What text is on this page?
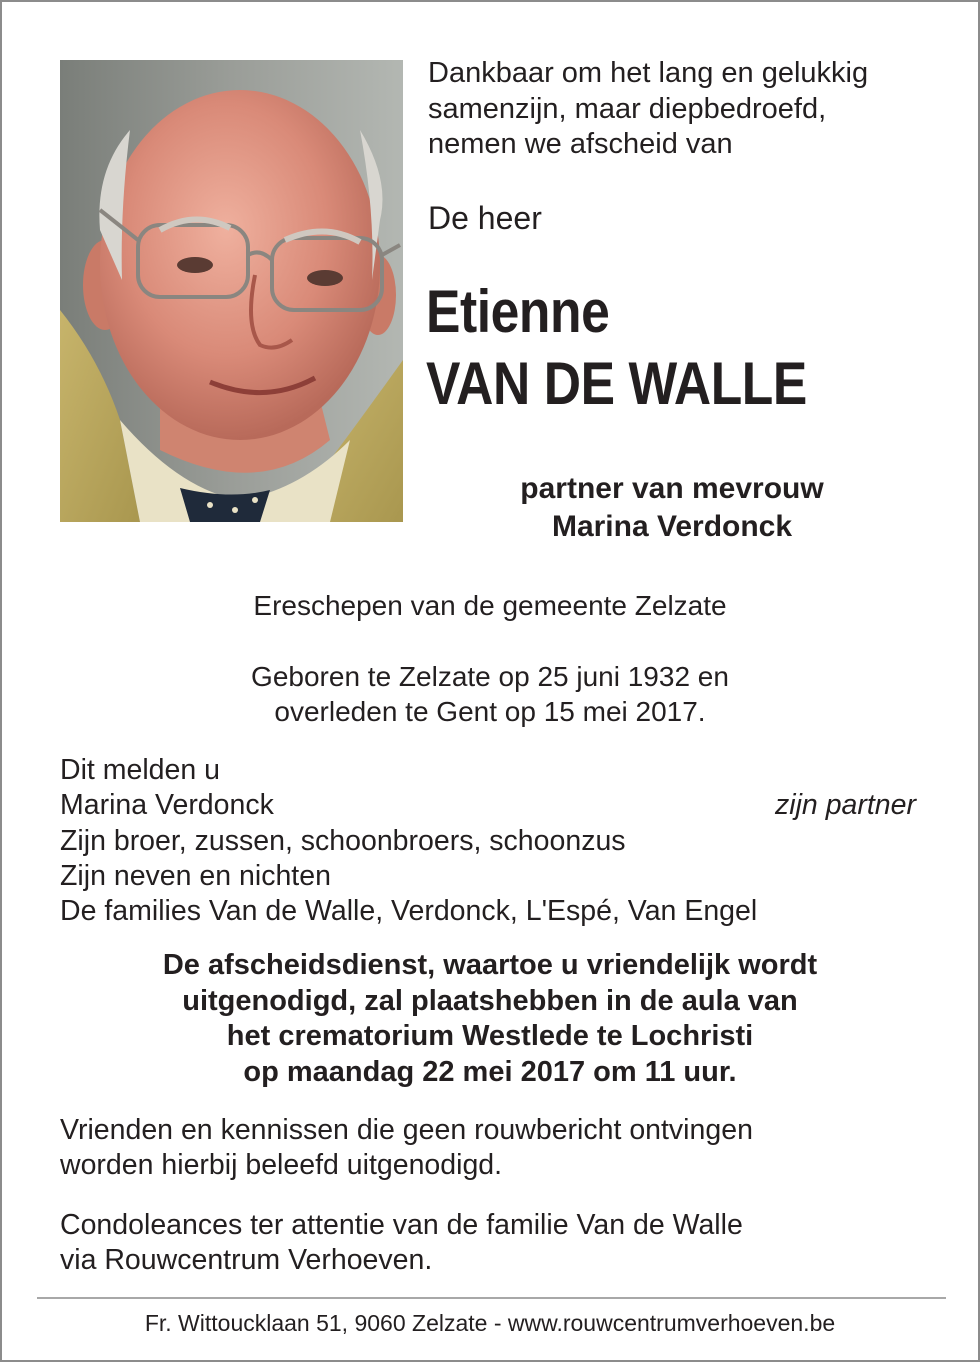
Dankbaar om het lang en gelukkig
samenzijn, maar diepbedroefd,
nemen we afscheid van
De heer
Etienne
VAN DE WALLE
partner van mevrouw
Marina Verdonck
Ereschepen van de gemeente Zelzate
Geboren te Zelzate op 25 juni 1932 en
overleden te Gent op 15 mei 2017.
Dit melden u
Marina Verdonck	zijn partner
Zijn broer, zussen, schoonbroers, schoonzus
Zijn neven en nichten
De families Van de Walle, Verdonck, L'Espé, Van Engel
De afscheidsdienst, waartoe u vriendelijk wordt
uitgenodigd, zal plaatshebben in de aula van
het crematorium Westlede te Lochristi
op maandag 22 mei 2017 om 11 uur.
Vrienden en kennissen die geen rouwbericht ontvingen
worden hierbij beleefd uitgenodigd.
Condoleances ter attentie van de familie Van de Walle
via Rouwcentrum Verhoeven.
Fr. Wittoucklaan 51, 9060 Zelzate - www.rouwcentrumverhoeven.be
